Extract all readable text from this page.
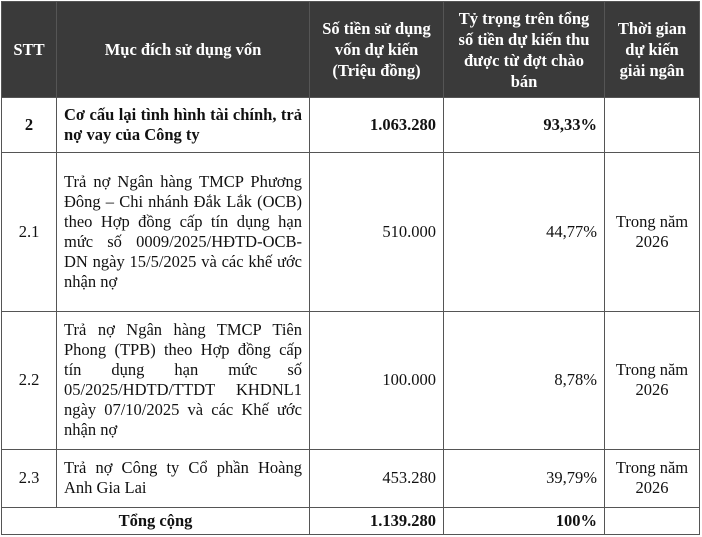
STT	Mục đích sử dụng vốn	Số tiền sử dụng vốn dự kiến (Triệu đồng)	Tỷ trọng trên tổng số tiền dự kiến thu được từ đợt chào bán	Thời gian dự kiến giải ngân
2	Cơ cấu lại tình hình tài chính, trả nợ vay của Công ty	1.063.280	93,33%	
2.1	Trả nợ Ngân hàng TMCP Phương Đông – Chi nhánh Đắk Lắk (OCB) theo Hợp đồng cấp tín dụng hạn mức số 0009/2025/HĐTD-OCB-DN ngày 15/5/2025 và các khế ước nhận nợ	510.000	44,77%	Trong năm 2026
2.2	Trả nợ Ngân hàng TMCP Tiên Phong (TPB) theo Hợp đồng cấp tín dụng hạn mức số 05/2025/HDTD/TTDT KHDNL1 ngày 07/10/2025 và các Khế ước nhận nợ	100.000	8,78%	Trong năm 2026
2.3	Trả nợ Công ty Cổ phần Hoàng Anh Gia Lai	453.280	39,79%	Trong năm 2026
Tổng cộng		1.139.280	100%	
